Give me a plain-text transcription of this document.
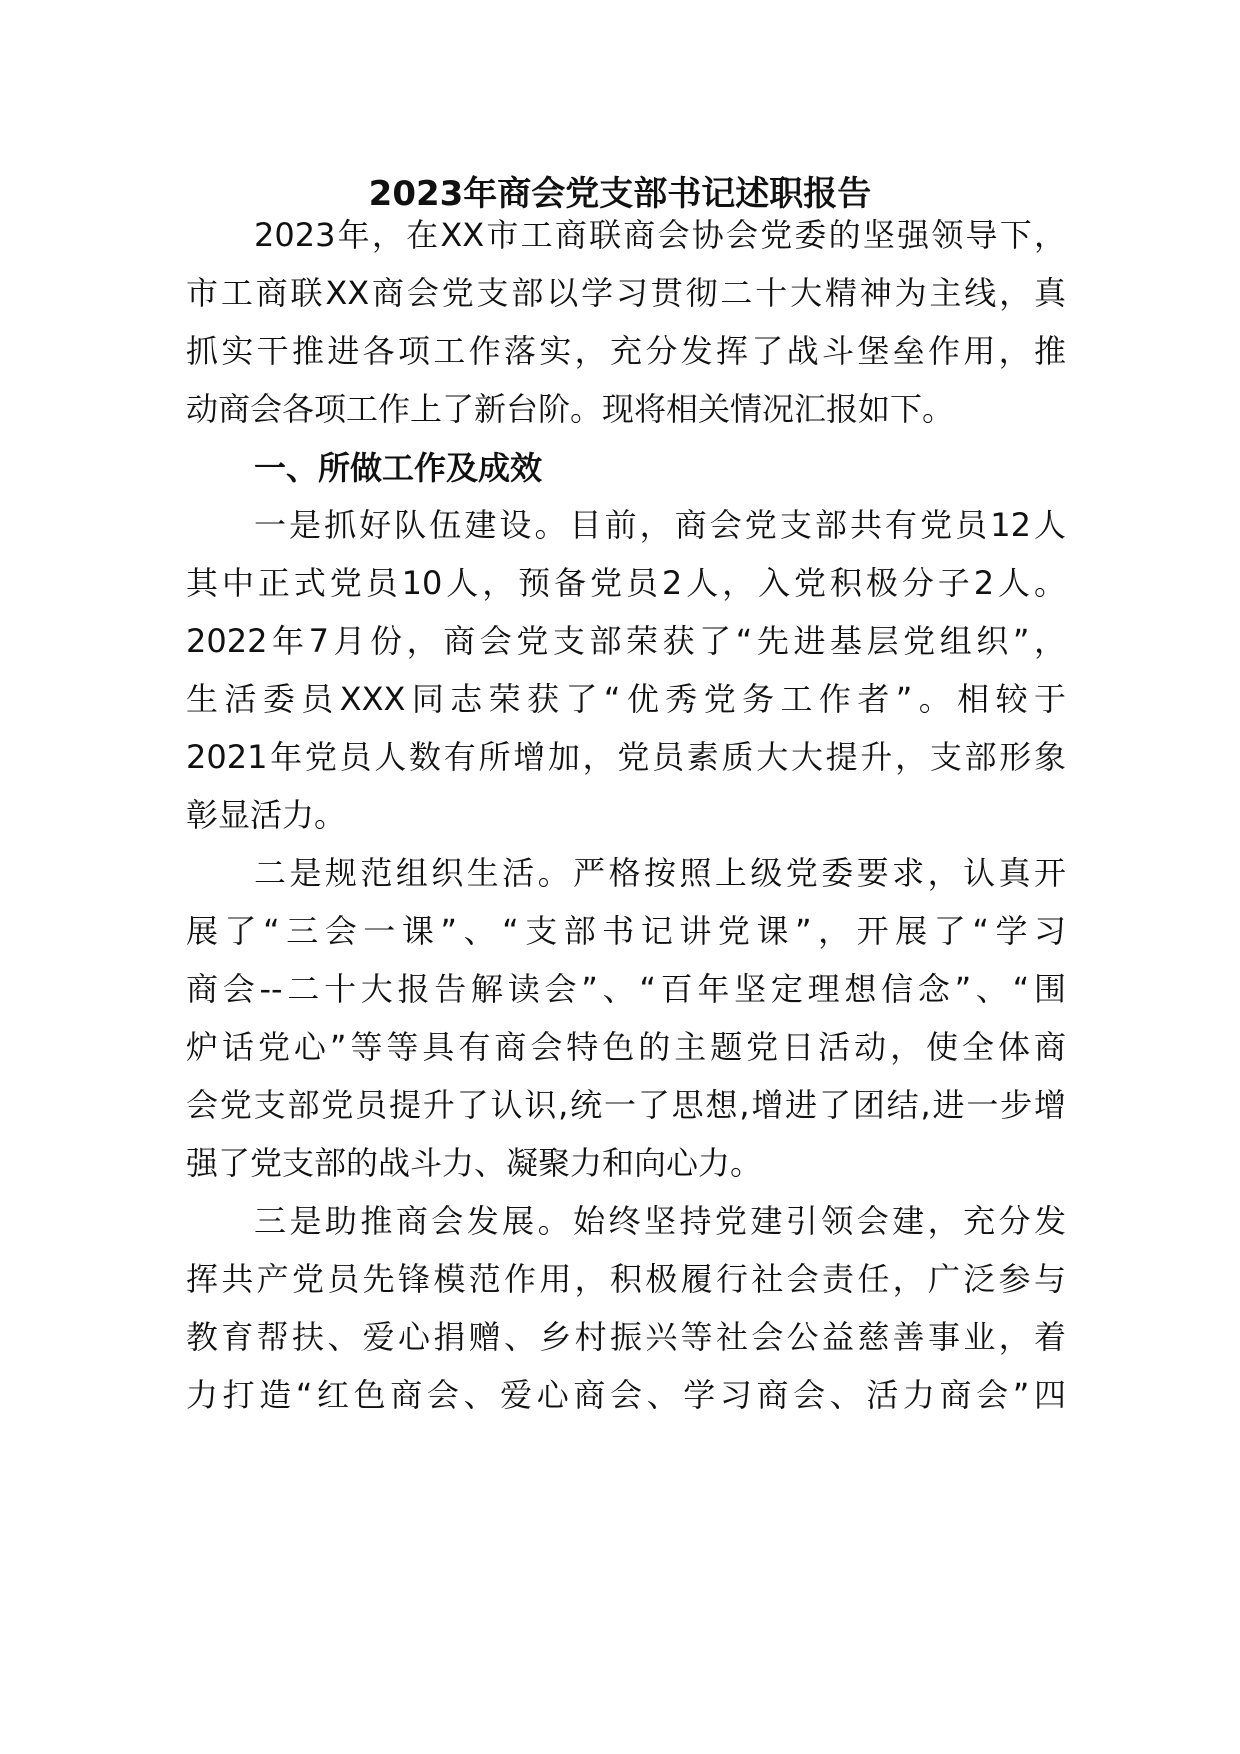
2023年商会党支部书记述职报告
2023年，在XX市工商联商会协会党委的坚强领导下，
市工商联XX商会党支部以学习贯彻二十大精神为主线，真
抓实干推进各项工作落实，充分发挥了战斗堡垒作用，推
动商会各项工作上了新台阶。现将相关情况汇报如下。
一、所做工作及成效
一是抓好队伍建设。目前，商会党支部共有党员12人
其中正式党员10人，预备党员2人，入党积极分子2人。
2022年7月份，商会党支部荣获了“先进基层党组织”，
生活委员XXX同志荣获了“优秀党务工作者”。相较于
2021年党员人数有所增加，党员素质大大提升，支部形象
彰显活力。
二是规范组织生活。严格按照上级党委要求，认真开
展了“三会一课”、“支部书记讲党课”，开展了“学习
商会--二十大报告解读会”、“百年坚定理想信念”、“围
炉话党心”等等具有商会特色的主题党日活动，使全体商
会党支部党员提升了认识,统一了思想,增进了团结,进一步增
强了党支部的战斗力、凝聚力和向心力。
三是助推商会发展。始终坚持党建引领会建，充分发
挥共产党员先锋模范作用，积极履行社会责任，广泛参与
教育帮扶、爱心捐赠、乡村振兴等社会公益慈善事业，着
力打造“红色商会、爱心商会、学习商会、活力商会”四
